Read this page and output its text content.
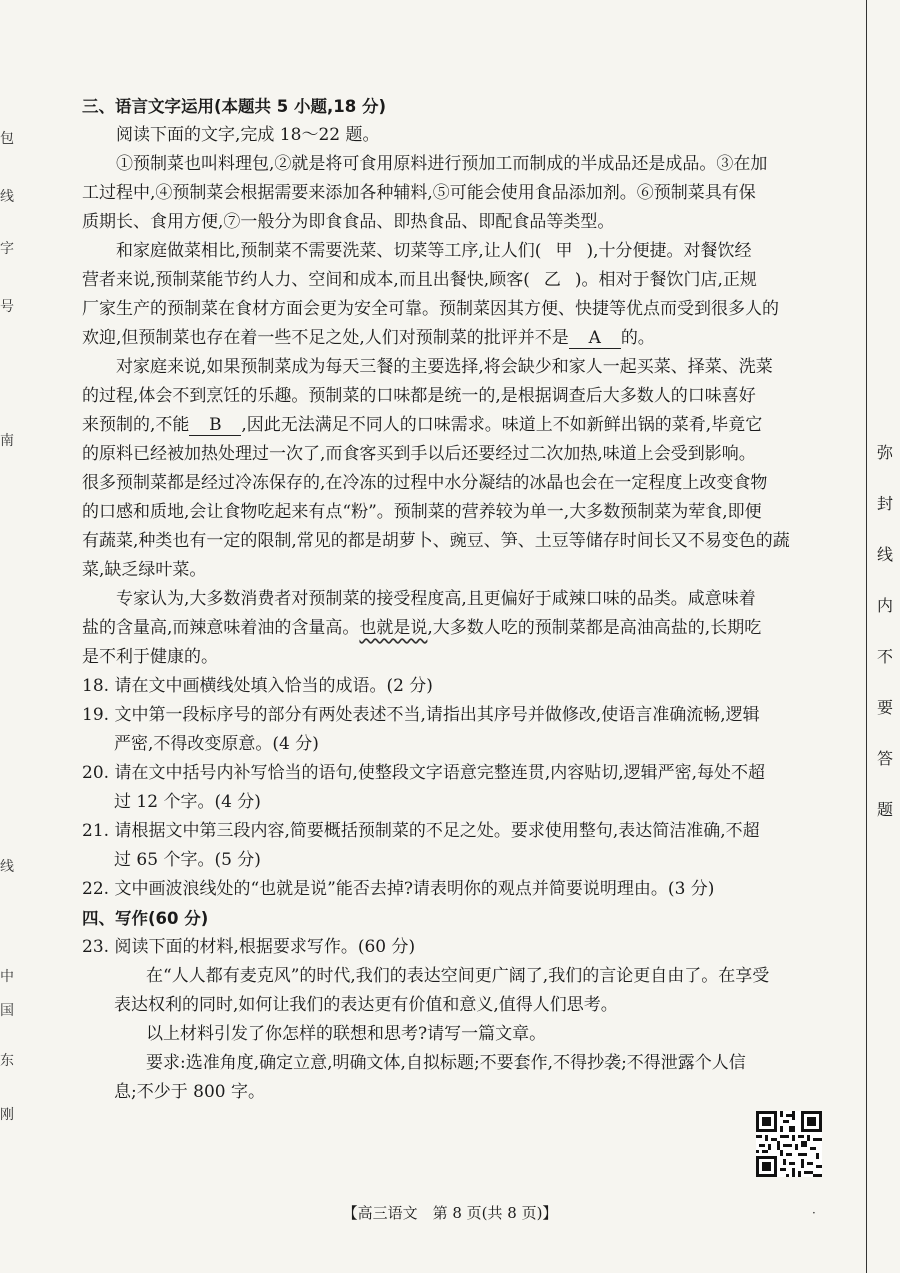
包
线
字
号
南
线
中
国
东
刚
三、语言文字运用(本题共 5 小题,18 分)
阅读下面的文字,完成 18～22 题。
①预制菜也叫料理包,②就是将可食用原料进行预加工而制成的半成品还是成品。③在加
工过程中,④预制菜会根据需要来添加各种辅料,⑤可能会使用食品添加剂。⑥预制菜具有保
质期长、食用方便,⑦一般分为即食食品、即热食品、即配食品等类型。
和家庭做菜相比,预制菜不需要洗菜、切菜等工序,让人们( 甲 ),十分便捷。对餐饮经
营者来说,预制菜能节约人力、空间和成本,而且出餐快,顾客( 乙 )。相对于餐饮门店,正规
厂家生产的预制菜在食材方面会更为安全可靠。预制菜因其方便、快捷等优点而受到很多人的
欢迎,但预制菜也存在着一些不足之处,人们对预制菜的批评并不是 A 的。
对家庭来说,如果预制菜成为每天三餐的主要选择,将会缺少和家人一起买菜、择菜、洗菜
的过程,体会不到烹饪的乐趣。预制菜的口味都是统一的,是根据调查后大多数人的口味喜好
来预制的,不能 B ,因此无法满足不同人的口味需求。味道上不如新鲜出锅的菜肴,毕竟它
的原料已经被加热处理过一次了,而食客买到手以后还要经过二次加热,味道上会受到影响。
很多预制菜都是经过冷冻保存的,在冷冻的过程中水分凝结的冰晶也会在一定程度上改变食物
的口感和质地,会让食物吃起来有点“粉”。预制菜的营养较为单一,大多数预制菜为荤食,即便
有蔬菜,种类也有一定的限制,常见的都是胡萝卜、豌豆、笋、土豆等储存时间长又不易变色的蔬
菜,缺乏绿叶菜。
专家认为,大多数消费者对预制菜的接受程度高,且更偏好于咸辣口味的品类。咸意味着
盐的含量高,而辣意味着油的含量高。也就是说,大多数人吃的预制菜都是高油高盐的,长期吃
是不利于健康的。
18. 请在文中画横线处填入恰当的成语。(2 分)
19. 文中第一段标序号的部分有两处表述不当,请指出其序号并做修改,使语言准确流畅,逻辑
严密,不得改变原意。(4 分)
20. 请在文中括号内补写恰当的语句,使整段文字语意完整连贯,内容贴切,逻辑严密,每处不超
过 12 个字。(4 分)
21. 请根据文中第三段内容,简要概括预制菜的不足之处。要求使用整句,表达简洁准确,不超
过 65 个字。(5 分)
22. 文中画波浪线处的“也就是说”能否去掉?请表明你的观点并简要说明理由。(3 分)
四、写作(60 分)
23. 阅读下面的材料,根据要求写作。(60 分)
在“人人都有麦克风”的时代,我们的表达空间更广阔了,我们的言论更自由了。在享受
表达权利的同时,如何让我们的表达更有价值和意义,值得人们思考。
以上材料引发了你怎样的联想和思考?请写一篇文章。
要求:选准角度,确定立意,明确文体,自拟标题;不要套作,不得抄袭;不得泄露个人信
息;不少于 800 字。
弥
封
线
内
不
要
答
题
【高三语文　第 8 页(共 8 页)】	·
